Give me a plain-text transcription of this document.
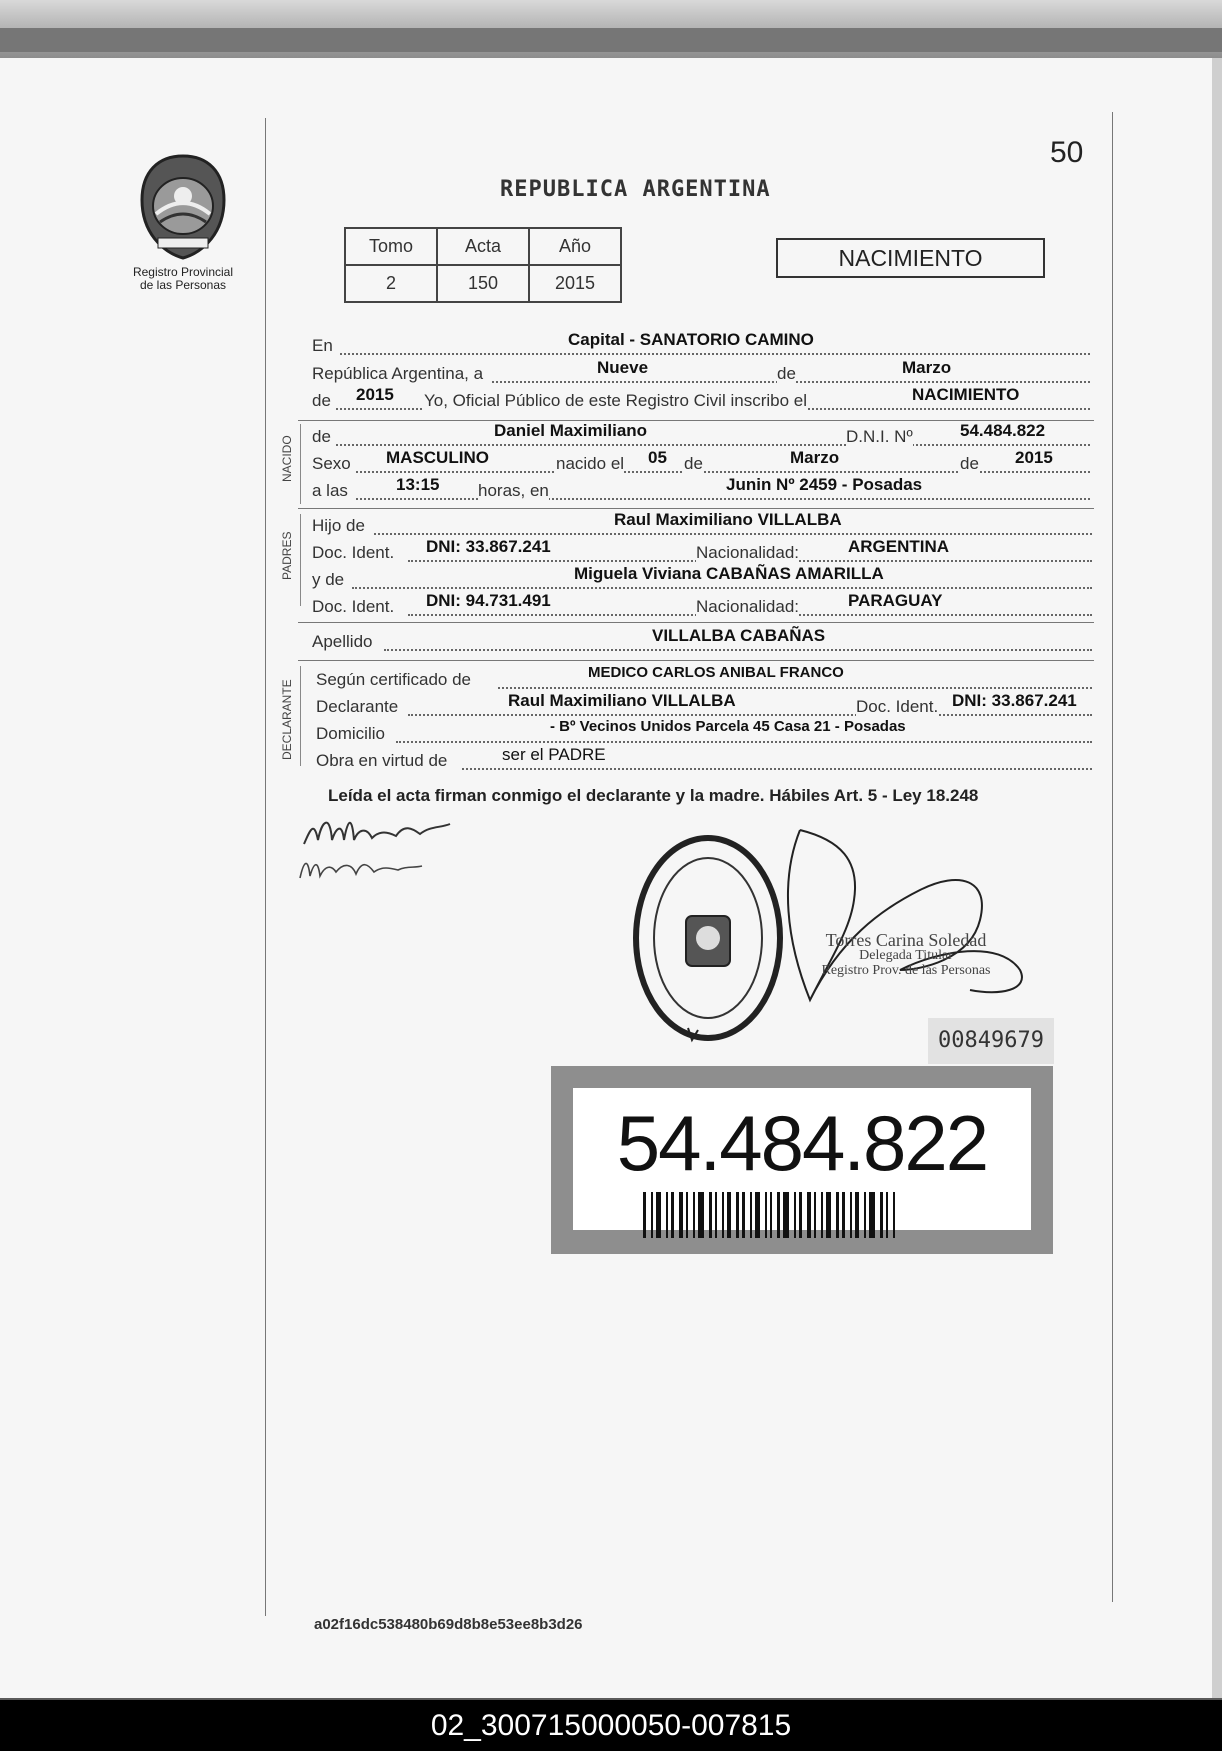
Registro Provincial
de las Personas
50
REPUBLICA ARGENTINA
Tomo	Acta	Año
2	150	2015
NACIMIENTO
En	Capital - SANATORIO CAMINO
República Argentina, a	Nueve	de	Marzo
de 2015 Yo, Oficial Público de este Registro Civil inscribo el	NACIMIENTO
NACIDO de	Daniel Maximiliano	D.N.I. Nº	54.484.822
Sexo MASCULINO	nacido el 05 de	Marzo	de 2015
a las	13:15 horas, en	Junin Nº 2459 - Posadas
PADRES
Hijo de	Raul Maximiliano VILLALBA
Doc. Ident. DNI: 33.867.241	Nacionalidad:	ARGENTINA
y de	Miguela Viviana CABAÑAS AMARILLA
Doc. Ident. DNI: 94.731.491	Nacionalidad:	PARAGUAY
Apellido	VILLALBA CABAÑAS
DECLARANTE Según certificado de	MEDICO CARLOS ANIBAL FRANCO
Declarante	Raul Maximiliano VILLALBA	Doc. Ident. DNI: 33.867.241
Domicilio	- Bº Vecinos Unidos Parcela 45 Casa 21 - Posadas
Obra en virtud de	ser el PADRE
Leída el acta firman conmigo el declarante y la madre. Hábiles Art. 5 - Ley 18.248
Torres Carina Soledad
Delegada Titular
Registro Prov. de las Personas
00849679
54.484.822
a02f16dc538480b69d8b8e53ee8b3d26
02_300715000050-007815
